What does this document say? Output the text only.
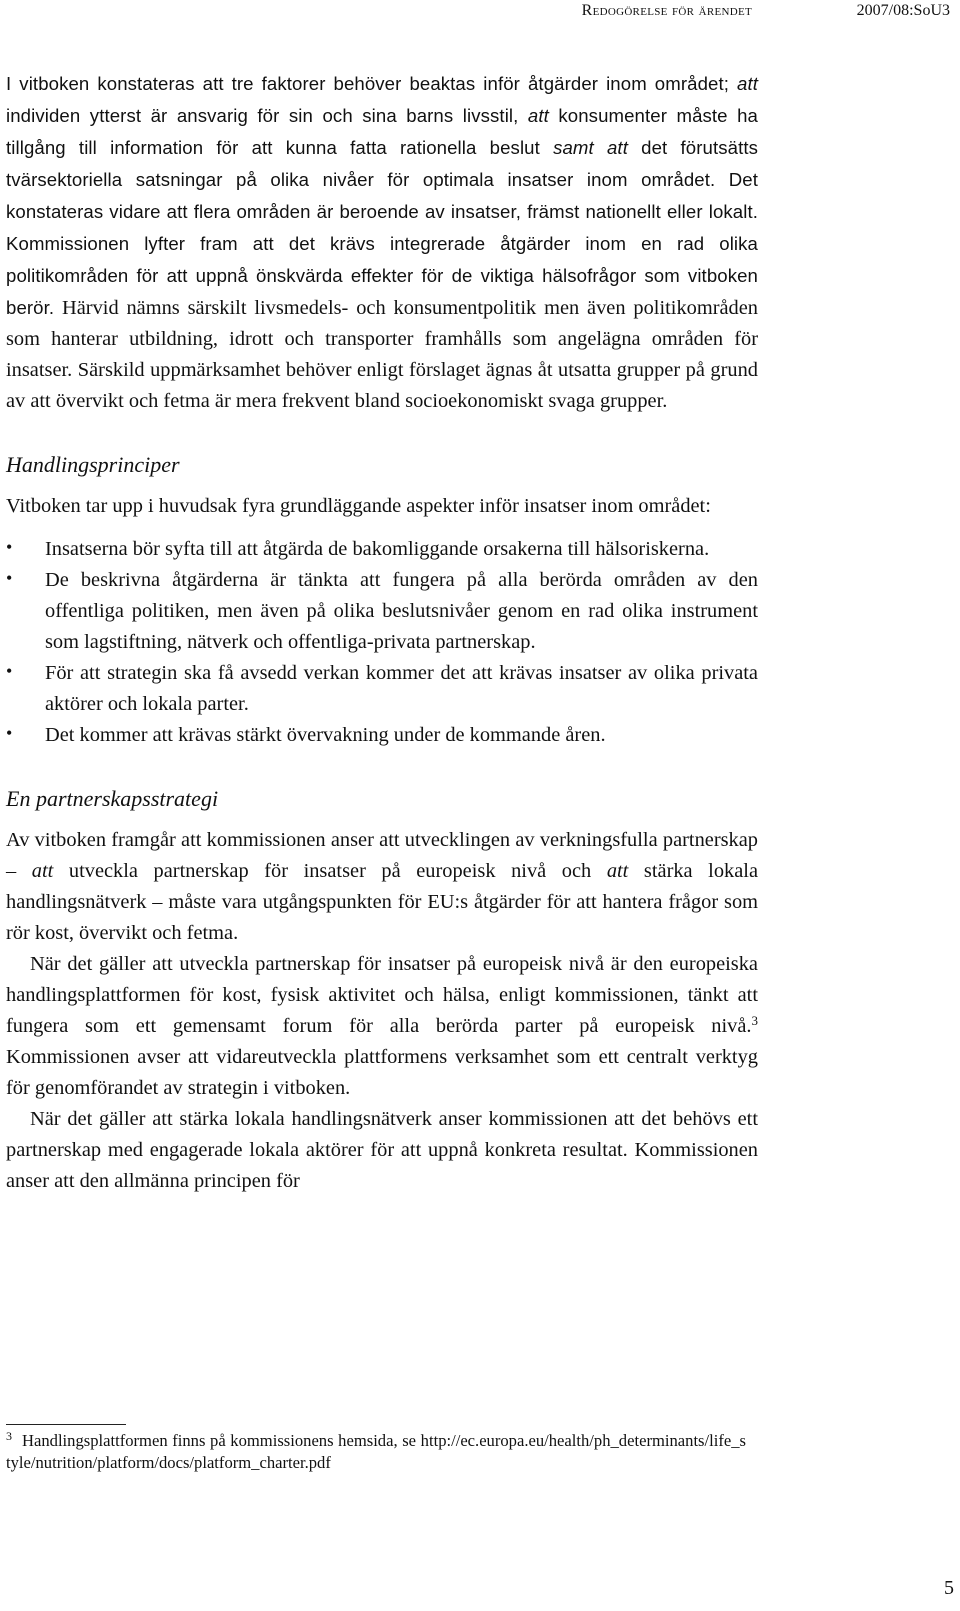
Redogörelse för ärendet	2007/08:SoU3

I vitboken konstateras att tre faktorer behöver beaktas inför åtgärder inom området; att individen ytterst är ansvarig för sin och sina barns livsstil, att konsumenter måste ha tillgång till information för att kunna fatta rationella beslut samt att det förutsätts tvärsektoriella satsningar på olika nivåer för optimala insatser inom området. Det konstateras vidare att flera områden är beroende av insatser, främst nationellt eller lokalt. Kommissionen lyfter fram att det krävs integrerade åtgärder inom en rad olika politikområden för att uppnå önskvärda effekter för de viktiga hälsofrågor som vitboken berör. Härvid nämns särskilt livsmedels- och konsumentpolitik men även politikområden som hanterar utbildning, idrott och transporter framhålls som angelägna områden för insatser. Särskild uppmärksamhet behöver enligt förslaget ägnas åt utsatta grupper på grund av att övervikt och fetma är mera frekvent bland socioekonomiskt svaga grupper.

Handlingsprinciper

Vitboken tar upp i huvudsak fyra grundläggande aspekter inför insatser inom området:

• Insatserna bör syfta till att åtgärda de bakomliggande orsakerna till hälsoriskerna.
• De beskrivna åtgärderna är tänkta att fungera på alla berörda områden av den offentliga politiken, men även på olika beslutsnivåer genom en rad olika instrument som lagstiftning, nätverk och offentliga-privata partnerskap.
• För att strategin ska få avsedd verkan kommer det att krävas insatser av olika privata aktörer och lokala parter.
• Det kommer att krävas stärkt övervakning under de kommande åren.
En partnerskapsstrategi

Av vitboken framgår att kommissionen anser att utvecklingen av verkningsfulla partnerskap – att utveckla partnerskap för insatser på europeisk nivå och att stärka lokala handlingsnätverk – måste vara utgångspunkten för EU:s åtgärder för att hantera frågor som rör kost, övervikt och fetma.

När det gäller att utveckla partnerskap för insatser på europeisk nivå är den europeiska handlingsplattformen för kost, fysisk aktivitet och hälsa, enligt kommissionen, tänkt att fungera som ett gemensamt forum för alla berörda parter på europeisk nivå.$^3$ Kommissionen avser att vidareutveckla plattformens verksamhet som ett centralt verktyg för genomförandet av strategin i vitboken.

När det gäller att stärka lokala handlingsnätverk anser kommissionen att det behövs ett partnerskap med engagerade lokala aktörer för att uppnå konkreta resultat. Kommissionen anser att den allmänna principen för

$^3$ Handlingsplattformen finns på kommissionens hemsida, se http://ec.europa.eu/health/ph_determinants/life_style/nutrition/platform/docs/platform_charter.pdf
5
